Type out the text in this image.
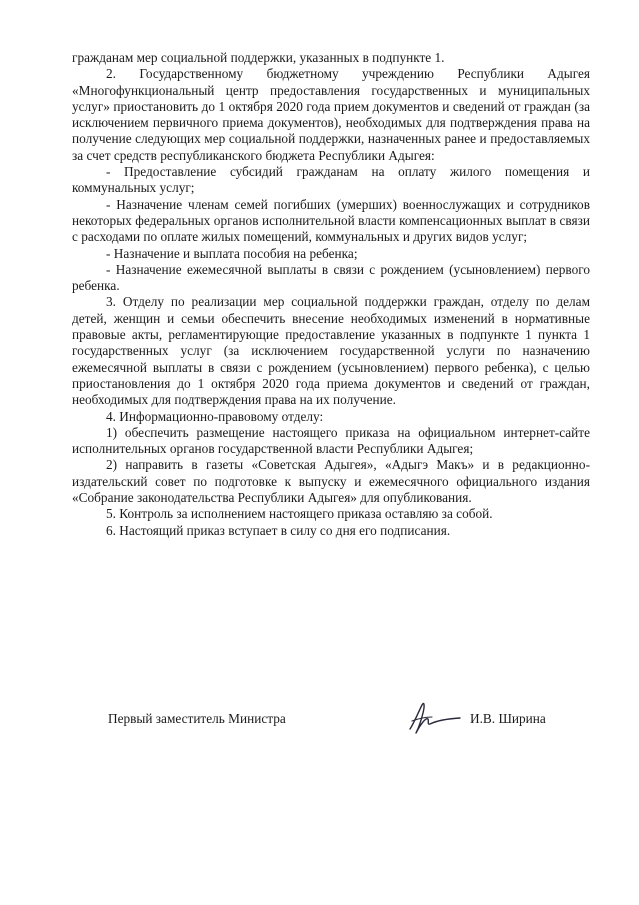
гражданам мер социальной поддержки, указанных в подпункте 1.

2. Государственному бюджетному учреждению Республики Адыгея «Многофункциональный центр предоставления государственных и муниципальных услуг» приостановить до 1 октября 2020 года прием документов и сведений от граждан (за исключением первичного приема документов), необходимых для подтверждения права на получение следующих мер социальной поддержки, назначенных ранее и предоставляемых за счет средств республиканского бюджета Республики Адыгея:

- Предоставление субсидий гражданам на оплату жилого помещения и коммунальных услуг;

- Назначение членам семей погибших (умерших) военнослужащих и сотрудников некоторых федеральных органов исполнительной власти компенсационных выплат в связи с расходами по оплате жилых помещений, коммунальных и других видов услуг;

- Назначение и выплата пособия на ребенка;

- Назначение ежемесячной выплаты в связи с рождением (усыновлением) первого ребенка.

3. Отделу по реализации мер социальной поддержки граждан, отделу по делам детей, женщин и семьи обеспечить внесение необходимых изменений в нормативные правовые акты, регламентирующие предоставление указанных в подпункте 1 пункта 1 государственных услуг (за исключением государственной услуги по назначению ежемесячной выплаты в связи с рождением (усыновлением) первого ребенка), с целью приостановления до 1 октября 2020 года приема документов и сведений от граждан, необходимых для подтверждения права на их получение.

4. Информационно-правовому отделу:

1) обеспечить размещение настоящего приказа на официальном интернет-сайте исполнительных органов государственной власти Республики Адыгея;

2) направить в газеты «Советская Адыгея», «Адыгэ Макъ» и в редакционно-издательский совет по подготовке к выпуску и ежемесячного официального издания «Собрание законодательства Республики Адыгея» для опубликования.

5. Контроль за исполнением настоящего приказа оставляю за собой.

6. Настоящий приказ вступает в силу со дня его подписания.

Первый заместитель Министра	И.В. Ширина
